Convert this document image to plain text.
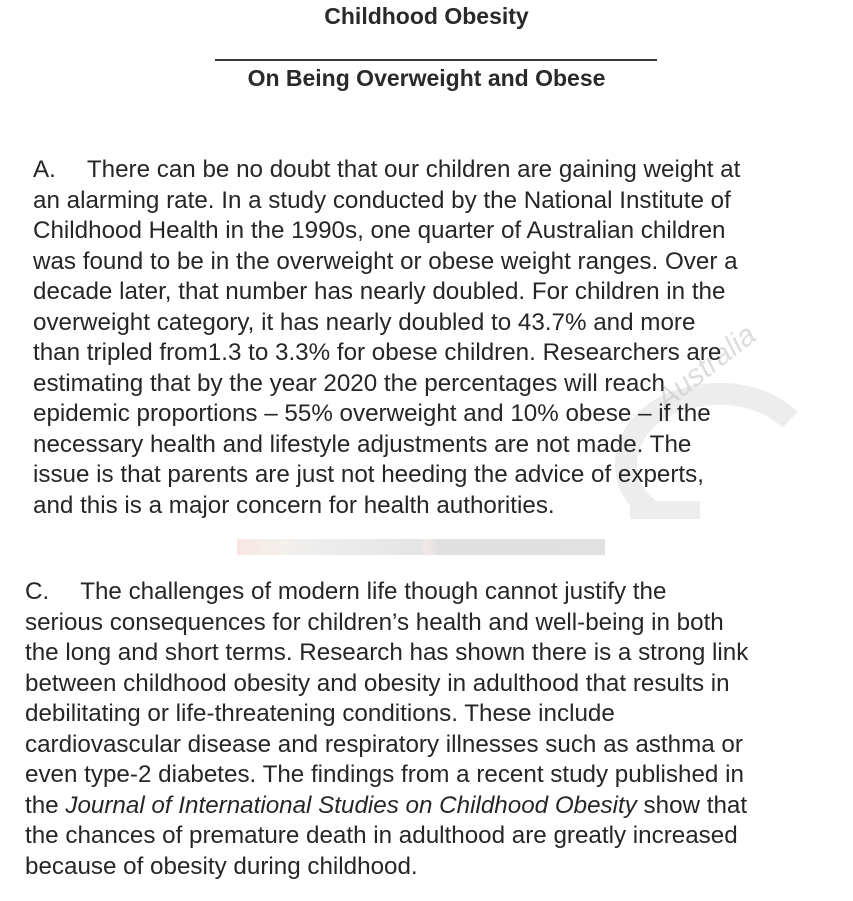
Childhood Obesity
On Being Overweight and Obese
Australia
A. There can be no doubt that our children are gaining weight at
an alarming rate. In a study conducted by the National Institute of
Childhood Health in the 1990s, one quarter of Australian children
was found to be in the overweight or obese weight ranges. Over a
decade later, that number has nearly doubled. For children in the
overweight category, it has nearly doubled to 43.7% and more
than tripled from1.3 to 3.3% for obese children. Researchers are
estimating that by the year 2020 the percentages will reach
epidemic proportions – 55% overweight and 10% obese – if the
necessary health and lifestyle adjustments are not made. The
issue is that parents are just not heeding the advice of experts,
and this is a major concern for health authorities.
C. The challenges of modern life though cannot justify the
serious consequences for children’s health and well-being in both
the long and short terms. Research has shown there is a strong link
between childhood obesity and obesity in adulthood that results in
debilitating or life-threatening conditions. These include
cardiovascular disease and respiratory illnesses such as asthma or
even type-2 diabetes. The findings from a recent study published in
the Journal of International Studies on Childhood Obesity show that
the chances of premature death in adulthood are greatly increased
because of obesity during childhood.
